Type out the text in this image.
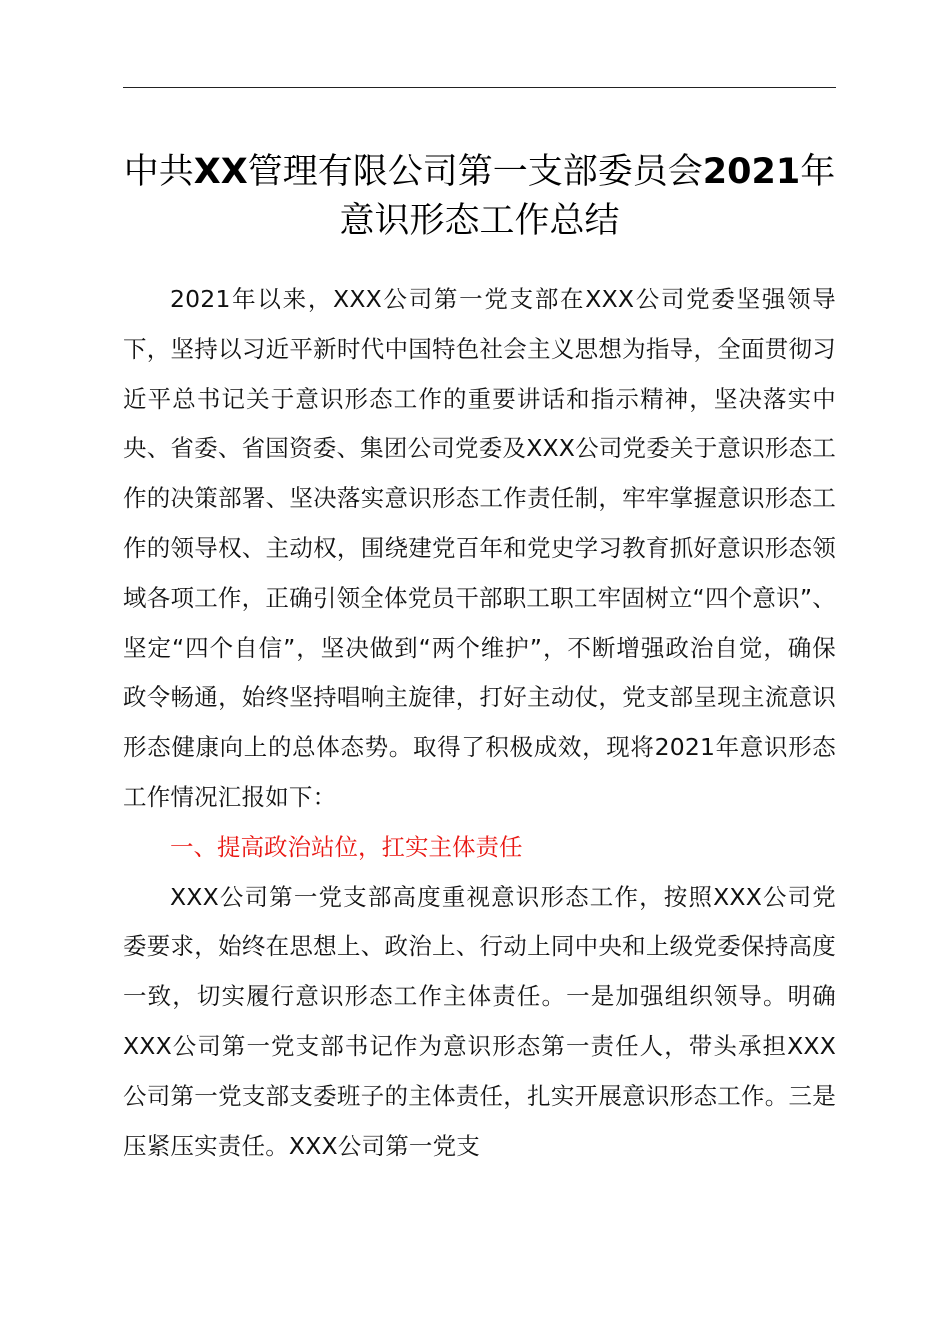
中共XX管理有限公司第一支部委员会2021年意识形态工作总结

2021年以来，XXX公司第一党支部在XXX公司党委坚强领导下，坚持以习近平新时代中国特色社会主义思想为指导，全面贯彻习近平总书记关于意识形态工作的重要讲话和指示精神，坚决落实中央、省委、省国资委、集团公司党委及XXX公司党委关于意识形态工作的决策部署、坚决落实意识形态工作责任制，牢牢掌握意识形态工作的领导权、主动权，围绕建党百年和党史学习教育抓好意识形态领域各项工作，正确引领全体党员干部职工职工牢固树立“四个意识”、坚定“四个自信”，坚决做到“两个维护”，不断增强政治自觉，确保政令畅通，始终坚持唱响主旋律，打好主动仗，党支部呈现主流意识形态健康向上的总体态势。取得了积极成效，现将2021年意识形态工作情况汇报如下：

一、提高政治站位，扛实主体责任

XXX公司第一党支部高度重视意识形态工作，按照XXX公司党委要求，始终在思想上、政治上、行动上同中央和上级党委保持高度一致，切实履行意识形态工作主体责任。一是加强组织领导。明确XXX公司第一党支部书记作为意识形态第一责任人，带头承担XXX公司第一党支部支委班子的主体责任，扎实开展意识形态工作。三是压紧压实责任。XXX公司第一党支
